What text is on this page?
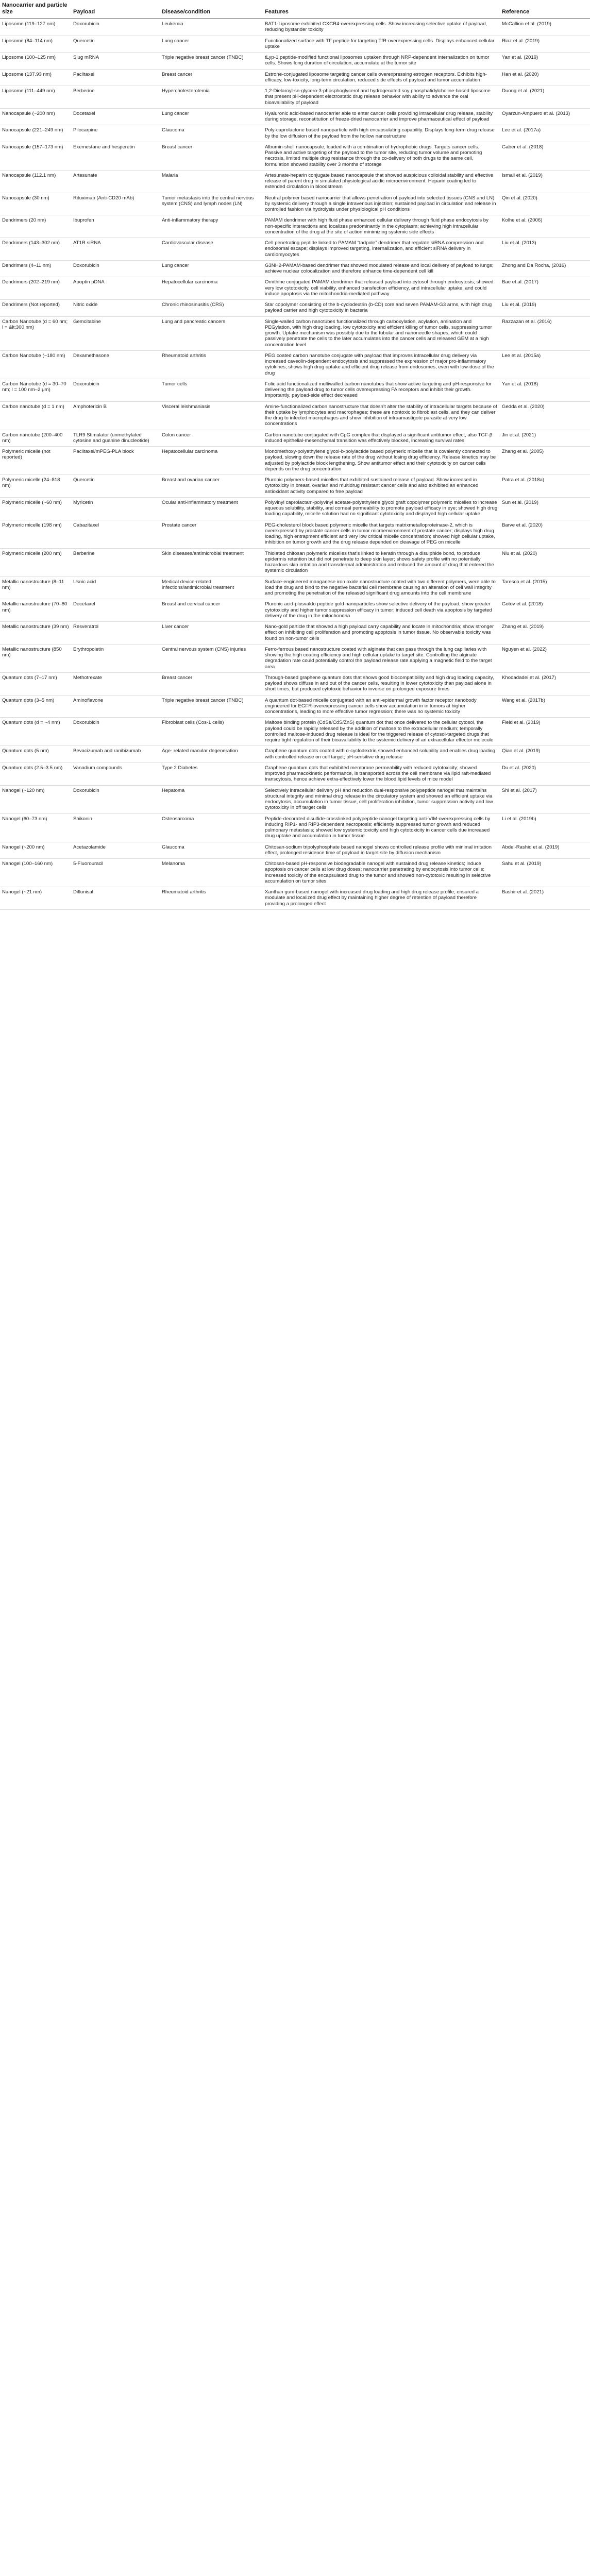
Nanocarrier and particle size	Payload	Disease/condition	Features	Reference
Liposome (119–127 nm)	Doxorubicin	Leukemia	BAT1-Liposome exhibited CXCR4-overexpressing cells. Show increasing selective uptake of payload, reducing bystander toxicity	McCallion et al. (2019)
Liposome (84–114 nm)	Quercetin	Lung cancer	Functionalized surface with TF peptide for targeting TfR-overexpressing cells. Displays enhanced cellular uptake	Riaz et al. (2019)
Liposome (100–125 nm)	Slug mRNA	Triple negative breast cancer (TNBC)	tLyp-1 peptide-modified functional liposomes uptaken through NRP-dependent internalization on tumor cells. Shows long duration of circulation, accumulate at the tumor site	Yan et al. (2019)
Liposome (137.93 nm)	Paclitaxel	Breast cancer	Estrone-conjugated liposome targeting cancer cells overexpressing estrogen receptors. Exhibits high-efficacy, low-toxicity, long-term circulation, reduced side effects of payload and tumor accumulation	Han et al. (2020)
Liposome (111–449 nm)	Berberine	Hypercholesterolemia	1,2-Dielaroyl-sn-glycero-3-phosphoglycerol and hydrogenated soy phosphatidylcholine-based liposome that present pH-dependent electrostatic drug release behavior with ability to advance the oral bioavailability of payload	Duong et al. (2021)
Nanocapsule (~200 nm)	Docetaxel	Lung cancer	Hyaluronic acid-based nanocarrier able to enter cancer cells providing intracellular drug release, stability during storage, reconstitution of freeze-dried nanocarrier and improve pharmaceutical effect of payload	Oyarzun-Ampuero et al. (2013)
Nanocapsule (221–249 nm)	Pilocarpine	Glaucoma	Poly-caprolactone based nanoparticle with high encapsulating capability. Displays long-term drug release by the low diffusion of the payload from the hollow nanostructure	Lee et al. (2017a)
Nanocapsule (157–173 nm)	Exemestane and hesperetin	Breast cancer	Albumin-shell nanocapsule, loaded with a combination of hydrophobic drugs. Targets cancer cells. Passive and active targeting of the payload to the tumor site, reducing tumor volume and promoting necrosis, limited multiple drug resistance through the co-delivery of both drugs to the same cell, formulation showed stability over 3 months of storage	Gaber et al. (2018)
Nanocapsule (112.1 nm)	Artesunate	Malaria	Artesunate-heparin conjugate based nanocapsule that showed auspicious colloidal stability and effective release of parent drug in simulated physiological acidic microenvironment. Heparin coating led to extended circulation in bloodstream	Ismail et al. (2019)
Nanocapsule (30 nm)	Rituximab (Anti-CD20 mAb)	Tumor metastasis into the central nervous system (CNS) and lymph nodes (LN)	Neutral polymer based nanocarrier that allows penetration of payload into selected tissues (CNS and LN) by systemic delivery through a single intravenous injection; sustained payload in circulation and release in controlled fashion via hydrolysis under physiological pH conditions	Qin et al. (2020)
Dendrimers (20 nm)	Ibuprofen	Anti-inflammatory therapy	PAMAM dendrimer with high fluid phase enhanced cellular delivery through fluid phase endocytosis by non-specific interactions and localizes predominantly in the cytoplasm; achieving high intracellular concentration of the drug at the site of action minimizing systemic side effects	Kolhe et al. (2006)
Dendrimers (143–302 nm)	AT1R siRNA	Cardiovascular disease	Cell penetrating peptide linked to PAMAM “tadpole” dendrimer that regulate siRNA compression and endosomal escape; displays improved targeting, internalization, and efficient siRNA delivery in cardiomyocytes	Liu et al. (2013)
Dendrimers (4–11 nm)	Doxorubicin	Lung cancer	G3NH2-PAMAM-based dendrimer that showed modulated release and local delivery of payload to lungs; achieve nuclear colocalization and therefore enhance time-dependent cell kill	Zhong and Da Rocha, (2016)
Dendrimers (202–219 nm)	Apoptin pDNA	Hepatocellular carcinoma	Ornithine conjugated PAMAM dendrimer that released payload into cytosol through endocytosis; showed very low cytotoxicity, cell viability, enhanced transfection efficiency, and intracellular uptake, and could induce apoptosis via the mitochondria-mediated pathway	Bae et al. (2017)
Dendrimers (Not reported)	Nitric oxide	Chronic rhinosinusitis (CRS)	Star copolymer consisting of the b-cyclodextrin (b-CD) core and seven PAMAM-G3 arms, with high drug payload carrier and high cytotoxicity in bacteria	Liu et al. (2019)
Carbon Nanotube (d = 60 nm; l = &lt;300 nm)	Gemcitabine	Lung and pancreatic cancers	Single-walled carbon nanotubes functionalized through carboxylation, acylation, amination and PEGylation, with high drug loading, low cytotoxicity and efficient killing of tumor cells, suppressing tumor growth. Uptake mechanism was possibly due to the tubular and nanoneedle shapes, which could passively penetrate the cells to the later accumulates into the cancer cells and released GEM at a high concentration level	Razzazan et al. (2016)
Carbon Nanotube (~180 nm)	Dexamethasone	Rheumatoid arthritis	PEG coated carbon nanotube conjugate with payload that improves intracellular drug delivery via increased caveolin-dependent endocytosis and suppressed the expression of major pro-inflammatory cytokines; shows high drug uptake and efficient drug release from endosomes, even with low-dose of the drug	Lee et al. (2015a)
Carbon Nanotube (d = 30–70 nm; l = 100 nm–2 μm)	Doxorubicin	Tumor cells	Folic acid functionalized multiwalled carbon nanotubes that show active targeting and pH-responsive for delivering the payload drug to tumor cells overexpressing FA receptors and inhibit their growth. Importantly, payload-side effect decreased	Yan et al. (2018)
Carbon nanotube (d = 1 nm)	Amphotericin B	Visceral leishmaniasis	Amine-functionalized carbon nanostructure that doesn’t alter the stability of intracellular targets because of their uptake by lymphocytes and macrophages; these are nontoxic to fibroblast cells, and they can deliver the drug to infected macrophages and show inhibition of intraamastigote parasite at very low concentrations	Gedda et al. (2020)
Carbon nanotube (200–400 nm)	TLR9 Stimulator (unmethylated cytosine and guanine dinucleotide)	Colon cancer	Carbon nanotube conjugated with CpG complex that displayed a significant antitumor effect, also TGF-β induced epithelial-mesenchymal transition was effectively blocked, increasing survival rates	Jin et al. (2021)
Polymeric micelle (not reported)	Paclitaxel/mPEG-PLA block	Hepatocellular carcinoma	Monomethoxy-polyethylene glycol-b-polylactide based polymeric micelle that is covalently connected to payload, slowing down the release rate of the drug without losing drug efficiency. Release kinetics may be adjusted by polylactide block lengthening. Show antitumor effect and their cytotoxicity on cancer cells depends on the drug concentration	Zhang et al. (2005)
Polymeric micelle (24–818 nm)	Quercetin	Breast and ovarian cancer	Pluronic polymers-based micelles that exhibited sustained release of payload. Show increased in cytotoxicity in breast, ovarian and multidrug resistant cancer cells and also exhibited an enhanced antioxidant activity compared to free payload	Patra et al. (2018a)
Polymeric micelle (~60 nm)	Myricetin	Ocular anti-inflammatory treatment	Polyvinyl caprolactam-polyvinyl acetate-polyethylene glycol graft copolymer polymeric micelles to increase aqueous solubility, stability, and corneal permeability to promote payload efficacy in eye; showed high drug loading capability, micelle solution had no significant cytotoxicity and displayed high cellular uptake	Sun et al. (2019)
Polymeric micelle (198 nm)	Cabazitaxel	Prostate cancer	PEG-cholesterol block based polymeric micelle that targets matrixmetalloproteinase-2, which is overexpressed by prostate cancer cells in tumor microenvironment of prostate cancer; displays high drug loading, high entrapment efficient and very low critical micelle concentration; showed high cellular uptake, inhibition on tumor growth and the drug release depended on cleavage of PEG on micelle	Barve et al. (2020)
Polymeric micelle (200 nm)	Berberine	Skin diseases/antimicrobial treatment	Thiolated chitosan polymeric micelles that’s linked to keratin through a disulphide bond, to produce epidermis retention but did not penetrate to deep skin layer; shows safety profile with no potentially hazardous skin irritation and transdermal administration and reduced the amount of drug that entered the systemic circulation	Niu et al. (2020)
Metallic nanostructure (8–11 nm)	Usnic acid	Medical device-related infections/antimicrobial treatment	Surface-engineered manganese iron oxide nanostructure coated with two different polymers, were able to load the drug and bind to the negative bacterial cell membrane causing an alteration of cell wall integrity and promoting the penetration of the released significant drug amounts into the cell membrane	Taresco et al. (2015)
Metallic nanostructure (70–80 nm)	Docetaxel	Breast and cervical cancer	Pluronic acid-plusvaldo peptide gold nanoparticles show selective delivery of the payload, show greater cytotoxicity and higher tumor suppression efficacy in tumor; induced cell death via apoptosis by targeted delivery of the drug in the mitochondria	Gotov et al. (2018)
Metallic nanostructure (39 nm)	Resveratrol	Liver cancer	Nano-gold particle that showed a high payload carry capability and locate in mitochondria; show stronger effect on inhibiting cell proliferation and promoting apoptosis in tumor tissue. No observable toxicity was found on non-tumor cells	Zhang et al. (2019)
Metallic nanostructure (850 nm)	Erythropoietin	Central nervous system (CNS) injuries	Ferro-ferrous based nanostructure coated with alginate that can pass through the lung capillaries with showing the high coating efficiency and high cellular uptake to target site. Controlling the alginate degradation rate could potentially control the payload release rate applying a magnetic field to the target area	Nguyen et al. (2022)
Quantum dots (7–17 nm)	Methotrexate	Breast cancer	Through-based graphene quantum dots that shows good biocompatibility and high drug loading capacity, payload shows diffuse in and out of the cancer cells, resulting in lower cytotoxicity than payload alone in short times, but produced cytotoxic behavior to inverse on prolonged exposure times	Khodadadei et al. (2017)
Quantum dots (3–5 nm)	Aminoflavone	Triple negative breast cancer (TNBC)	A quantum dot-based micelle conjugated with an anti-epidermal growth factor receptor nanobody engineered for EGFR-overexpressing cancer cells show accumulation in in tumors at higher concentrations, leading to more effective tumor regression; there was no systemic toxicity	Wang et al. (2017b)
Quantum dots (d = ~4 nm)	Doxorubicin	Fibroblast cells (Cos-1 cells)	Maltose binding protein (CdSe/CdS/ZnS) quantum dot that once delivered to the cellular cytosol, the payload could be rapidly released by the addition of maltose to the extracellular medium; temporally controlled maltose-induced drug release is ideal for the triggered release of cytosol-targeted drugs that require tight regulation of their bioavailability to the systemic delivery of an extracellular effector molecule	Field et al. (2019)
Quantum dots (5 nm)	Bevacizumab and ranibizumab	Age- related macular degeneration	Graphene quantum dots coated with α-cyclodextrin showed enhanced solubility and enables drug loading with controlled release on cell target; pH-sensitive drug release	Qian et al. (2019)
Quantum dots (2.5–3.5 nm)	Vanadium compounds	Type 2 Diabetes	Graphene quantum dots that exhibited membrane permeability with reduced cytotoxicity; showed improved pharmacokinetic performance, is transported across the cell membrane via lipid raft-mediated transcytosis, hence achieve extra-effectively lower the blood lipid levels of mice model	Du et al. (2020)
Nanogel (~120 nm)	Doxorubicin	Hepatoma	Selectively intracellular delivery pH and reduction dual-responsive polypeptide nanogel that maintains structural integrity and minimal drug release in the circulatory system and showed an efficient uptake via endocytosis, accumulation in tumor tissue, cell proliferation inhibition, tumor suppression activity and low cytotoxicity in off target cells	Shi et al. (2017)
Nanogel (60–73 nm)	Shikonin	Osteosarcoma	Peptide-decorated disulfide-crosslinked polypeptide nanogel targeting anti-VIM-overexpressing cells by inducing RIP1- and RIP3-dependent necroptosis; efficiently suppressed tumor growth and reduced pulmonary metastasis; showed low systemic toxicity and high cytotoxicity in cancer cells due increased drug uptake and accumulation in tumor tissue	Li et al. (2019b)
Nanogel (~200 nm)	Acetazolamide	Glaucoma	Chitosan-sodium tripolyphosphate based nanogel shows controlled release profile with minimal irritation effect, prolonged residence time of payload in target site by diffusion mechanism	Abdel-Rashid et al. (2019)
Nanogel (100–160 nm)	5-Fluorouracil	Melanoma	Chitosan-based pH-responsive biodegradable nanogel with sustained drug release kinetics; induce apoptosis on cancer cells at low drug doses; nanocarrier penetrating by endocytosis into tumor cells; increased toxicity of the encapsulated drug to the tumor and showed non-cytotoxic resulting in selective accumulation on tumor sites	Sahu et al. (2019)
Nanogel (~21 nm)	Diflunisal	Rheumatoid arthritis	Xanthan gum-based nanogel with increased drug loading and high drug release profile; ensured a modulate and localized drug effect by maintaining higher degree of retention of payload therefore providing a prolonged effect	Bashir et al. (2021)
